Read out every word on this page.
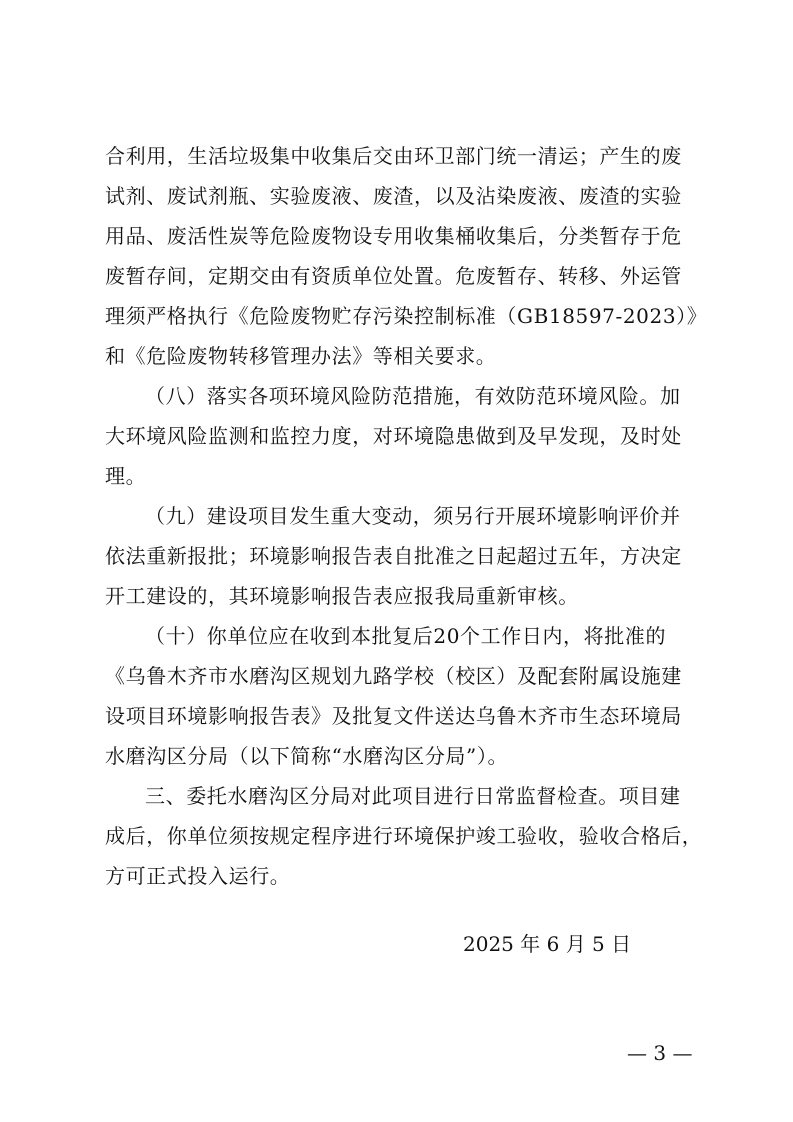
合利用，生活垃圾集中收集后交由环卫部门统一清运；产生的废
试剂、废试剂瓶、实验废液、废渣，以及沾染废液、废渣的实验
用品、废活性炭等危险废物设专用收集桶收集后，分类暂存于危
废暂存间，定期交由有资质单位处置。危废暂存、转移、外运管
理须严格执行《危险废物贮存污染控制标准（GB18597-2023）》
和《危险废物转移管理办法》等相关要求。
（八）落实各项环境风险防范措施，有效防范环境风险。加
大环境风险监测和监控力度，对环境隐患做到及早发现，及时处
理。
（九）建设项目发生重大变动，须另行开展环境影响评价并
依法重新报批；环境影响报告表自批准之日起超过五年，方决定
开工建设的，其环境影响报告表应报我局重新审核。
（十）你单位应在收到本批复后20个工作日内，将批准的
《乌鲁木齐市水磨沟区规划九路学校（校区）及配套附属设施建
设项目环境影响报告表》及批复文件送达乌鲁木齐市生态环境局
水磨沟区分局（以下简称“水磨沟区分局”）。
三、委托水磨沟区分局对此项目进行日常监督检查。项目建
成后，你单位须按规定程序进行环境保护竣工验收，验收合格后，
方可正式投入运行。
2025 年 6 月 5 日
— 3 —
